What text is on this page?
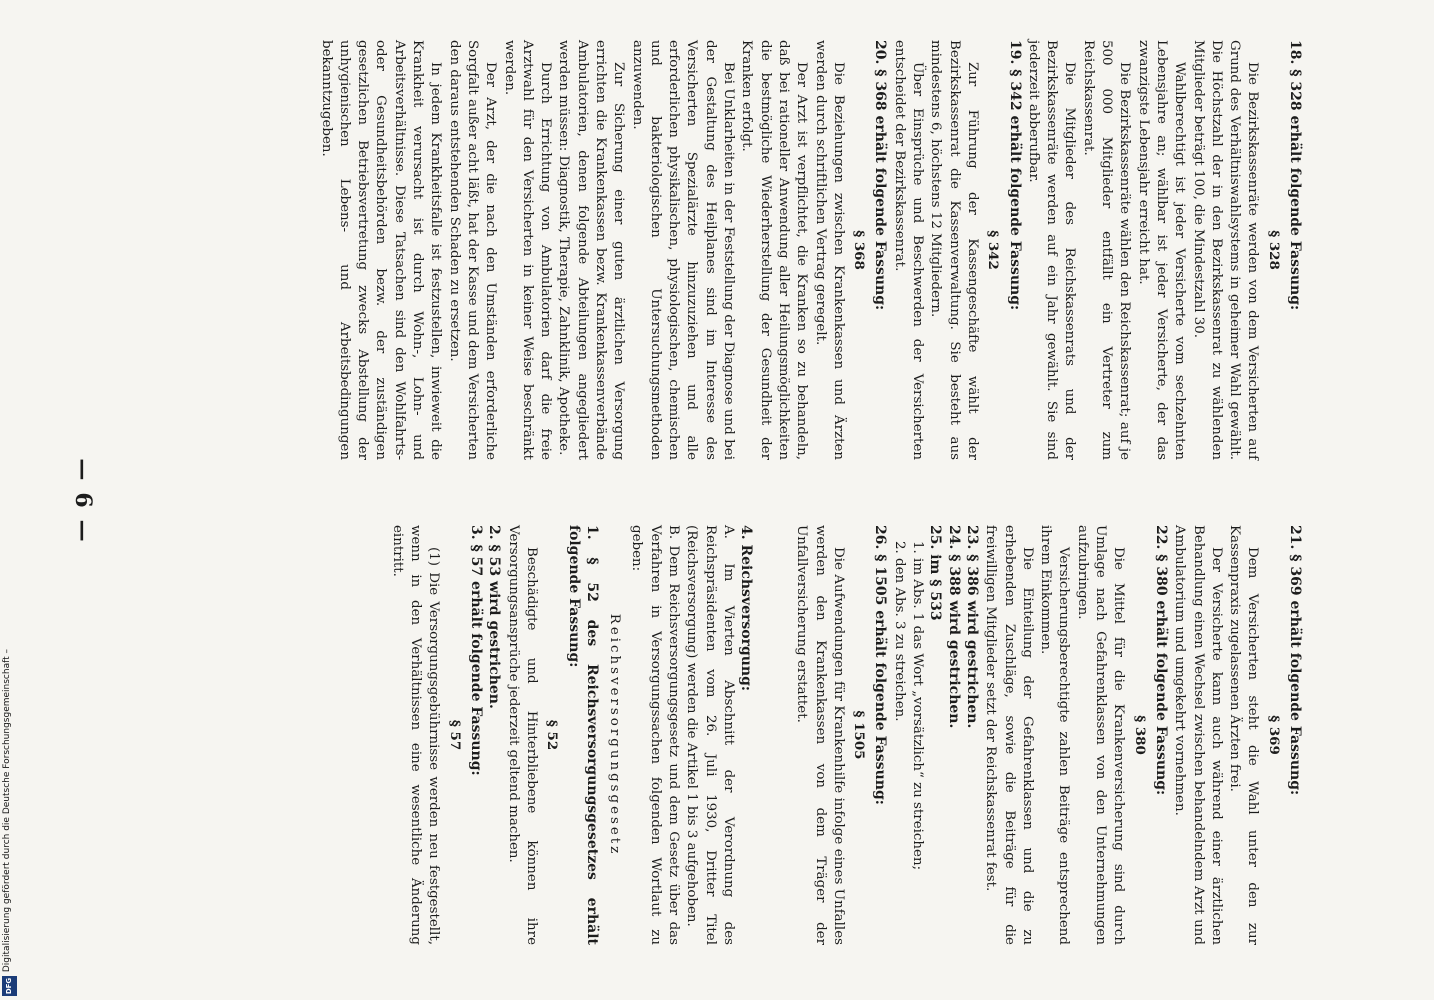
18. § 328 erhält folgende Fassung:

§ 328

Die Bezirkskassenräte werden von dem Versicherten auf Grund des Verhältniswahlsystems in geheimer Wahl gewählt. Die Höchstzahl der in den Bezirkskassenrat zu wählenden Mitglieder beträgt 100, die Mindestzahl 30.

Wahlberechtigt ist jeder Versicherte vom sechzehnten Lebensjahre an; wählbar ist jeder Versicherte, der das zwanzigste Lebensjahr erreicht hat.

Die Bezirkskassenräte wählen den Reichskassenrat; auf je 500 000 Mitglieder entfällt ein Vertreter zum Reichskassenrat.

Die Mitglieder des Reichskassenrats und der Bezirkskassenräte werden auf ein Jahr gewählt. Sie sind jederzeit abberufbar.

19. § 342 erhält folgende Fassung:

§ 342

Zur Führung der Kassengeschäfte wählt der Bezirkskassenrat die Kassenverwaltung. Sie besteht aus mindestens 6, höchstens 12 Mitgliedern.

Über Einsprüche und Beschwerden der Versicherten entscheidet der Bezirkskassenrat.

20. § 368 erhält folgende Fassung:

§ 368

Die Beziehungen zwischen Krankenkassen und Ärzten werden durch schriftlichen Vertrag geregelt.

Der Arzt ist verpflichtet, die Kranken so zu behandeln, daß bei rationeller Anwendung aller Heilungsmöglichkeiten die bestmögliche Wiederherstellung der Gesundheit der Kranken erfolgt.

Bei Unklarheiten in der Feststellung der Diagnose und bei der Gestaltung des Heilplanes sind im Interesse des Versicherten Spezialärzte hinzuzuziehen und alle erforderlichen physikalischen, physiologischen, chemischen und bakteriologischen Untersuchungsmethoden anzuwenden.

Zur Sicherung einer guten ärztlichen Versorgung errichten die Krankenkassen bezw. Krankenkassenverbände Ambulatorien, denen folgende Abteilungen angegliedert werden müssen: Diagnostik, Therapie, Zahnklinik, Apotheke.

Durch Errichtung von Ambulatorien darf die freie Arztwahl für den Versicherten in keiner Weise beschränkt werden.

Der Arzt, der die nach den Umständen erforderliche Sorgfalt außer acht läßt, hat der Kasse und dem Versicherten den daraus entstehenden Schaden zu ersetzen.

In jedem Krankheitsfalle ist festzustellen, inwieweit die Krankheit verursacht ist durch Wohn-, Lohn- und Arbeitsverhältnisse. Diese Tatsachen sind den Wohlfahrts- oder Gesundheitsbehörden bezw. der zuständigen gesetzlichen Betriebsvertretung zwecks Abstellung der unhygienischen Lebens- und Arbeitsbedingungen bekanntzugeben.

21. § 369 erhält folgende Fassung:

§ 369

Dem Versicherten steht die Wahl unter den zur Kassenpraxis zugelassenen Ärzten frei.

Der Versicherte kann auch während einer ärztlichen Behandlung einen Wechsel zwischen behandelndem Arzt und Ambulatorium und umgekehrt vornehmen.

22. § 380 erhält folgende Fassung:

§ 380

Die Mittel für die Krankenversicherung sind durch Umlage nach Gefahrenklassen von den Unternehmungen aufzubringen.

Versicherungsberechtigte zahlen Beiträge entsprechend ihrem Einkommen.

Die Einteilung der Gefahrenklassen und die zu erhebenden Zuschläge, sowie die Beiträge für die freiwilligen Mitglieder setzt der Reichskassenrat fest.

23. § 386 wird gestrichen.

24. § 388 wird gestrichen.

25. im § 533

1. im Abs. 1 das Wort „vorsätzlich“ zu streichen;

2. den Abs. 3 zu streichen.

26. § 1505 erhält folgende Fassung:

§ 1505

Die Aufwendungen für Krankenhilfe infolge eines Unfalles werden den Krankenkassen von dem Träger der Unfallversicherung erstattet.

4. Reichsversorgung:

A. Im Vierten Abschnitt der Verordnung des Reichspräsidenten vom 26. Juli 1930, Dritter Titel (Reichsversorgung) werden die Artikel 1 bis 3 aufgehoben.

B. Dem Reichsversorgungsgesetz und dem Gesetz über das Verfahren in Versorgungssachen folgenden Wortlaut zu geben:

Reichsversorgungsgesetz

1. § 52 des Reichsversorgungsgesetzes erhält folgende Fassung:

§ 52

Beschädigte und Hinterbliebene können ihre Versorgungsansprüche jederzeit geltend machen.

2. § 53 wird gestrichen.

3. § 57 erhält folgende Fassung:

§ 57

(1) Die Versorgungsgebührnisse werden neu festgestellt, wenn in den Verhältnissen eine wesentliche Änderung eintritt.

—6—
Digitalisierung gefördert durch die Deutsche Forschungsgemeinschaft –
DFG
